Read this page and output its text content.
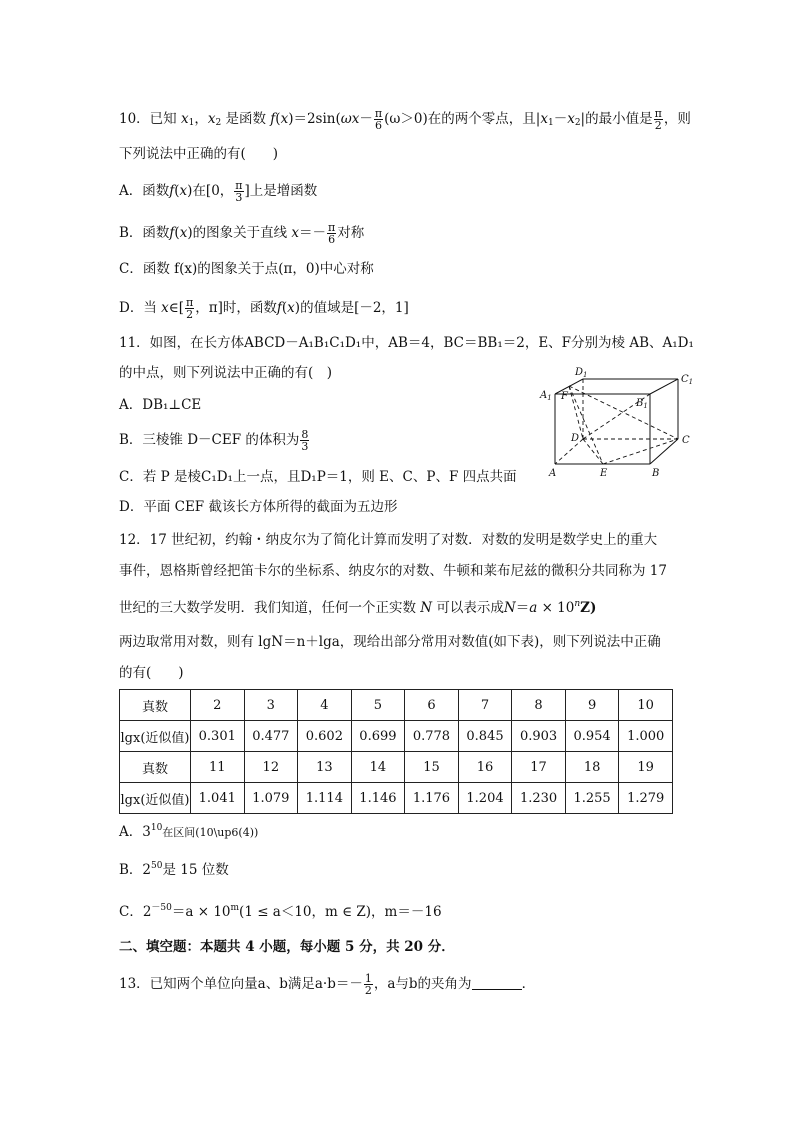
10．已知 $x_1$，$x_2$ 是函数 $f(x)=2\sin(\omega x- \frac{\pi}{6} (\omega>0)$在的两个零点，且$|x_1-x_2|$的最小值是 $\frac{\pi}{2}$ ，则
下列说法中正确的有(　　)
A．函数f(x)在[0， $\frac{\pi}{3}$ ]上是增函数
B．函数f(x)的图象关于直线 $x=- \frac{\pi}{6}$ 对称
C．函数 f(x)的图象关于点(π，0)中心对称
D．当 x∈[ $\frac{\pi}{2}$ ，π]时，函数f(x)的值域是[－2，1]
11．如图，在长方体ABCD－A₁B₁C₁D₁中，AB＝4，BC＝BB₁＝2，E、F分别为棱 AB、A₁D₁
的中点，则下列说法中正确的有(　)
A．DB₁⊥CE
B．三棱锥 D－CEF 的体积为 $\frac{8}{3}$
C．若 P 是棱C₁D₁上一点，且D₁P＝1，则 E、C、P、F 四点共面
D．平面 CEF 截该长方体所得的截面为五边形
$D_1$	$C_1$
$A_1$	$B_1$
F
D	C
A	E	B
12．17 世纪初，约翰・纳皮尔为了简化计算而发明了对数．对数的发明是数学史上的重大
事件，恩格斯曾经把笛卡尔的坐标系、纳皮尔的对数、牛顿和莱布尼兹的微积分共同称为 17
世纪的三大数学发明．我们知道，任何一个正实数 N 可以表示成$N=a \times 10^nZ$)
两边取常用对数，则有 lgN＝n＋lga，现给出部分常用对数值(如下表)，则下列说法中正确
的有(　　)
真数	2	3	4	5	6	7	8	9	10
lgx(近似值)	0.301	0.477	0.602	0.699	0.778	0.845	0.903	0.954	1.000
真数	11	12	13	14	15	16	17	18	19
lgx(近似值)	1.041	1.079	1.114	1.146	1.176	1.204	1.230	1.255	1.279
A．$3^{10}$在区间(10\up6(4))
B．$2^{50}$是 15 位数
C．$2^{-50}=a \times 10^m(1 \le a<10$，m ∈ Z)，m＝－16
二、填空题：本题共 4 小题，每小题 5 分，共 20 分．
13．已知两个单位向量a、b满足$a\cdot b=- \frac{1}{2}$ ，a与b的夹角为	．
